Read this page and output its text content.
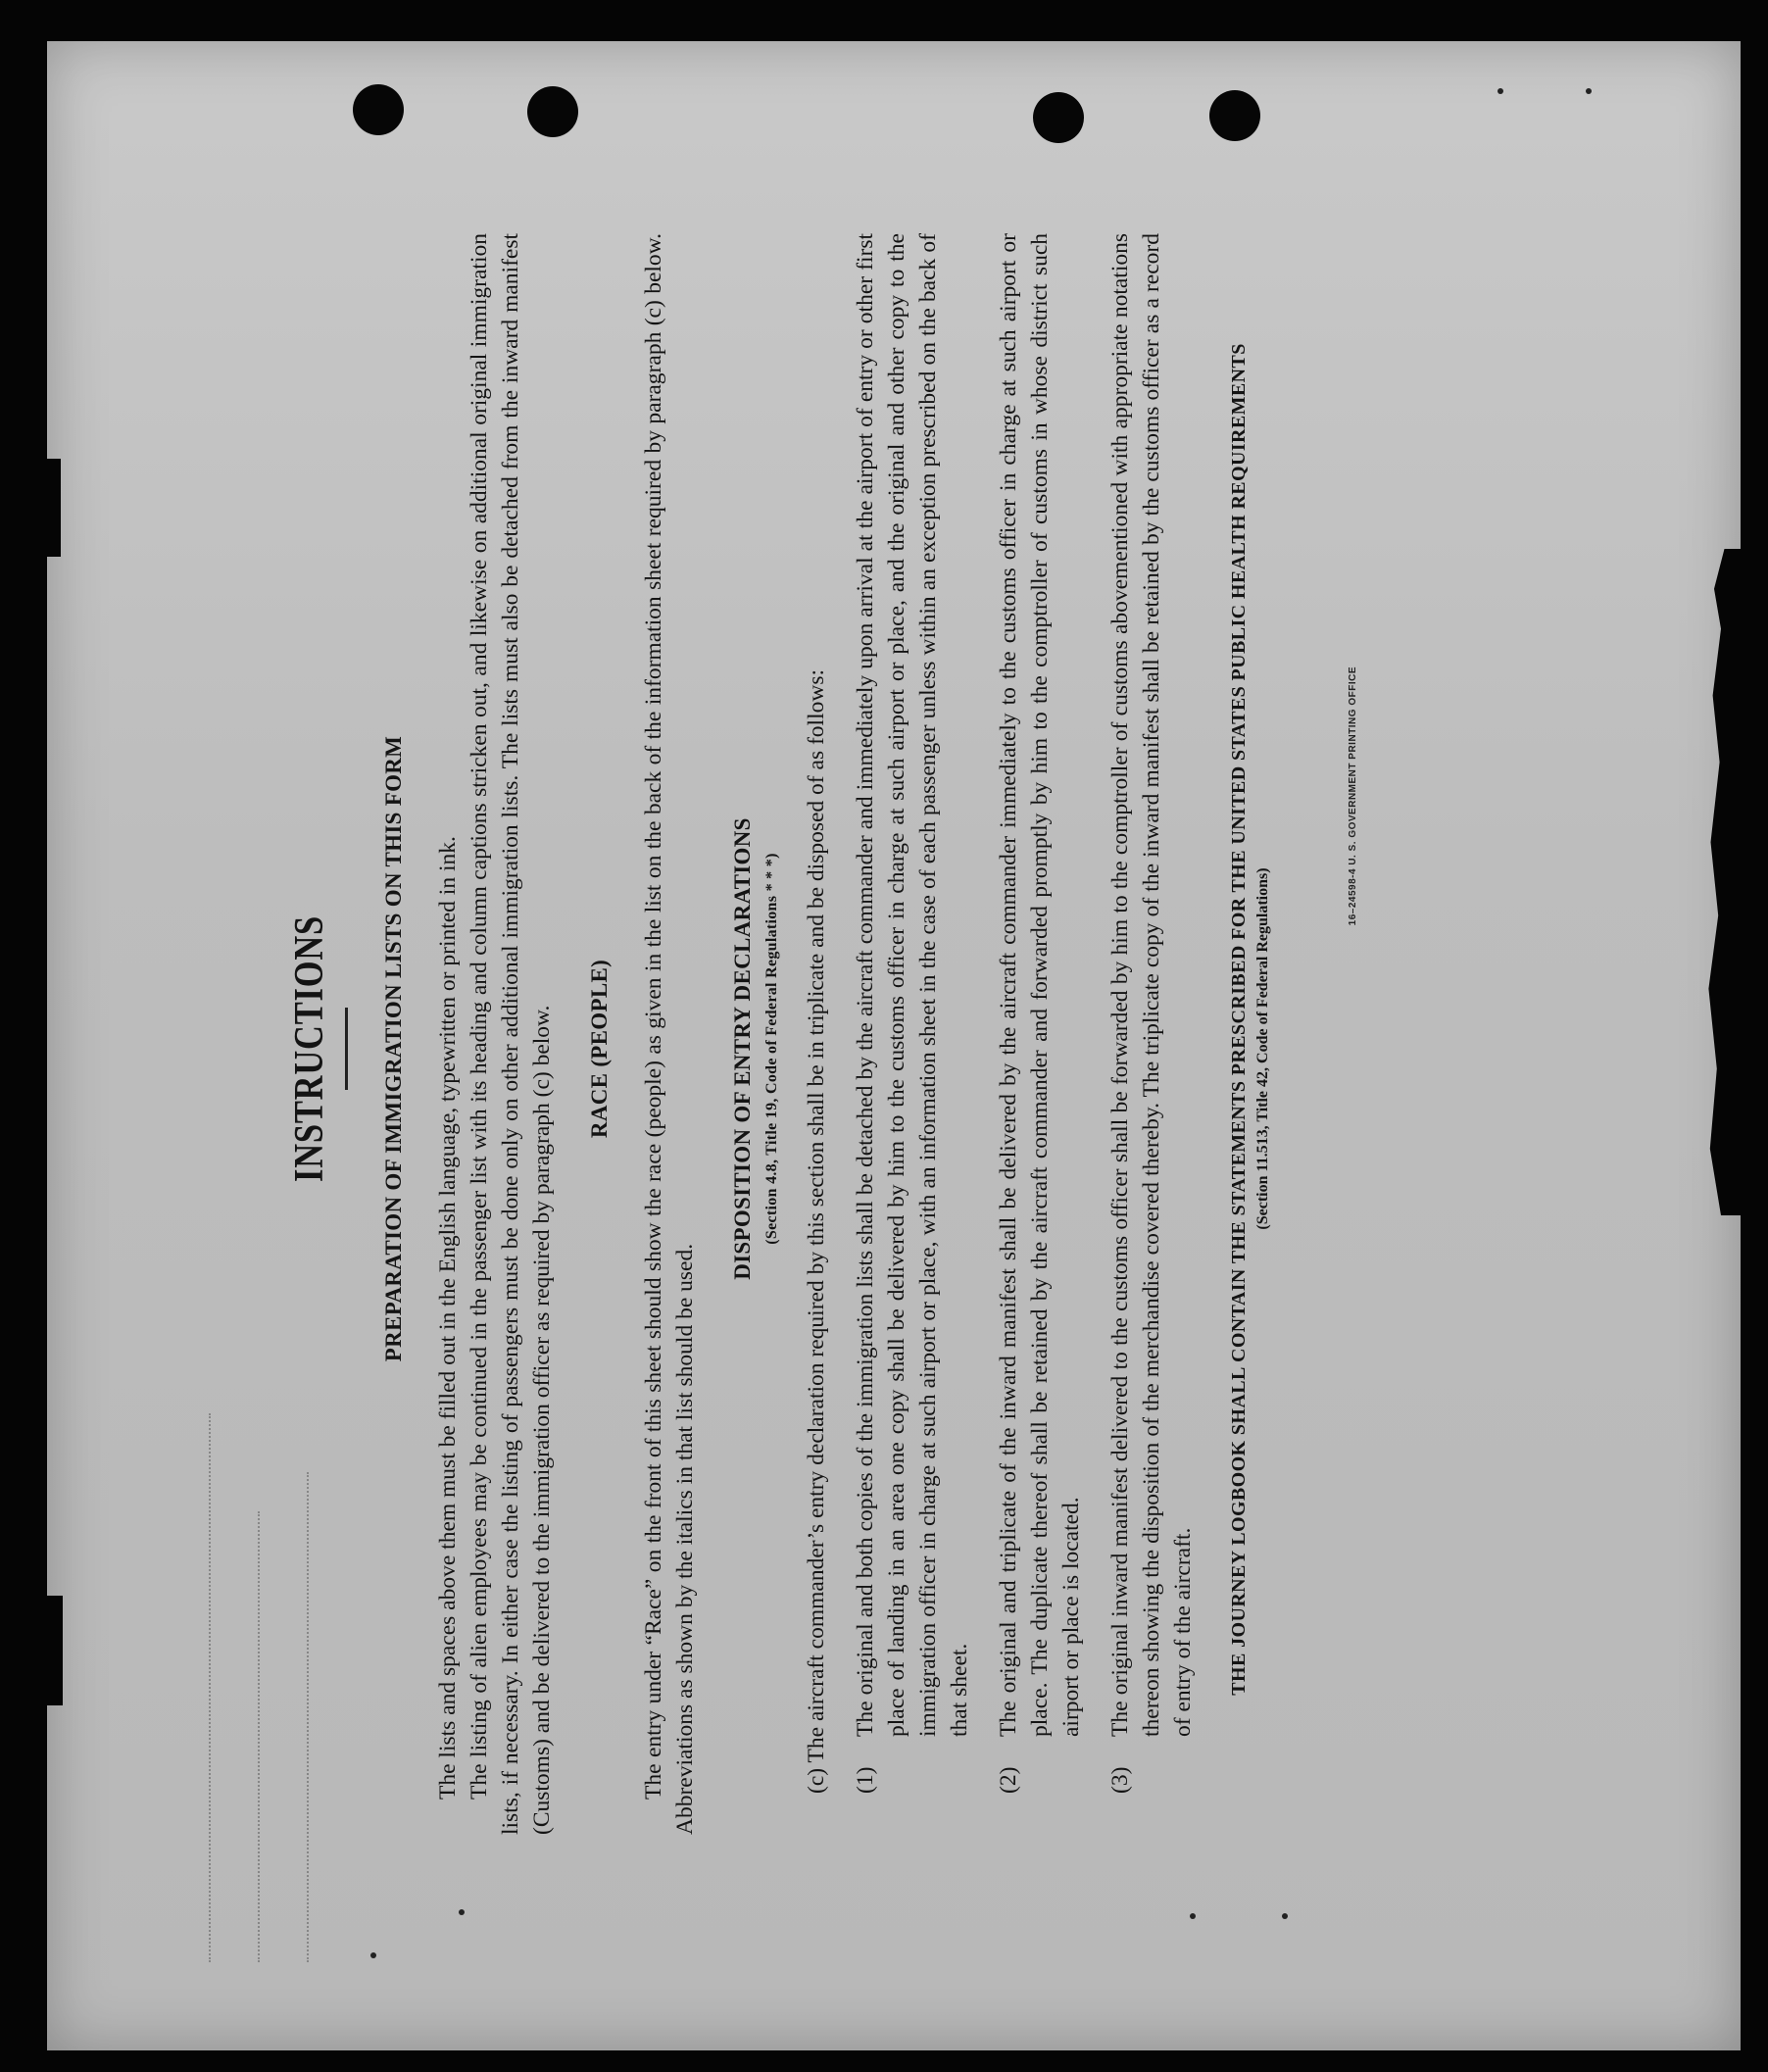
INSTRUCTIONS PREPARATION OF IMMIGRATION LISTS ON THIS FORM The lists and spaces above them must be filled out in the English language, typewritten or printed in ink. The listing of alien employees may be continued in the passenger list with its heading and column captions stricken out, and likewise on additional original immigration lists, if necessary. In either case the listing of passengers must be done only on other additional immigration lists. The lists must also be detached from the inward manifest (Customs) and be delivered to the immigration officer as required by paragraph (c) below. RACE (PEOPLE) The entry under “Race” on the front of this sheet should show the race (people) as given in the list on the back of the information sheet required by paragraph (c) below. Abbreviations as shown by the italics in that list should be used.
DISPOSITION OF ENTRY DECLARATIONS (Section 4.8, Title 19, Code of Federal Regulations * * *) (c) The aircraft commander’s entry declaration required by this section shall be in triplicate and be disposed of as follows: (1)
The original and both copies of the immigration lists shall be detached by the aircraft commander and immediately upon arrival at the airport of entry or other first place of landing in an area one copy shall be delivered by him to the customs officer in charge at such airport or place, and the original and other copy to the immigration officer in charge at such airport or place, with an information sheet in the case of each passenger unless within an exception prescribed on the back of that sheet.
(2)
The original and triplicate of the inward manifest shall be delivered by the aircraft commander immediately to the customs officer in charge at such airport or place. The duplicate thereof shall be retained by the aircraft commander and forwarded promptly by him to the comptroller of customs in whose district such airport or place is located.
(3)
The original inward manifest delivered to the customs officer shall be forwarded by him to the comptroller of customs abovementioned with appropriate notations thereon showing the disposition of the merchandise covered thereby. The triplicate copy of the inward manifest shall be retained by the customs officer as a record of entry of the aircraft. THE JOURNEY LOGBOOK SHALL CONTAIN THE STATEMENTS PRESCRIBED FOR THE UNITED STATES PUBLIC HEALTH REQUIREMENTS (Section 11.513, Title 42, Code of Federal Regulations)
16–24598-4 U. S. GOVERNMENT PRINTING OFFICE
